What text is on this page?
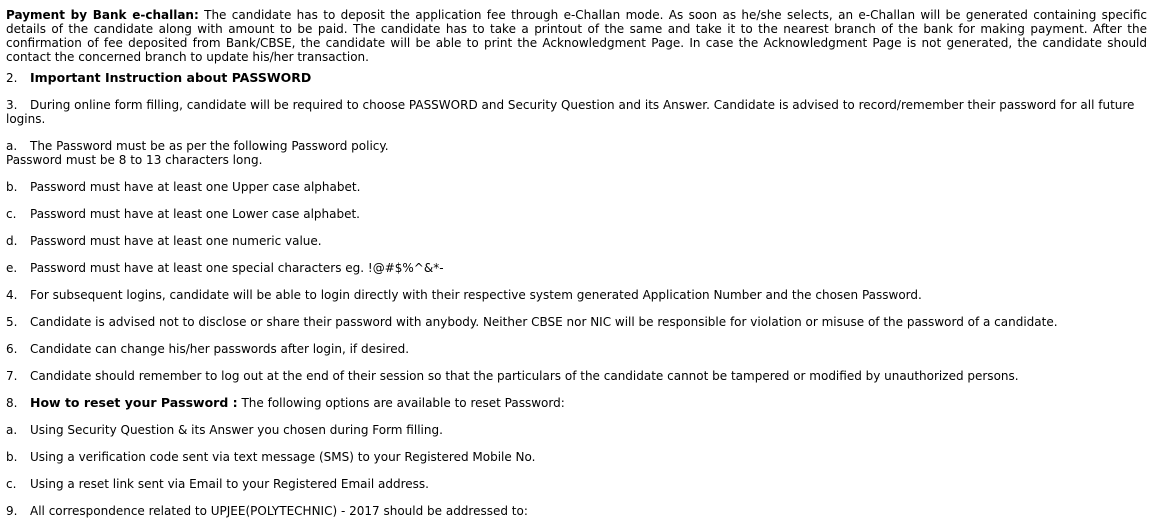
Payment by Bank e-challan: The candidate has to deposit the application fee through e-Challan mode. As soon as he/she selects, an e-Challan will be generated containing specific details of the candidate along with amount to be paid. The candidate has to take a printout of the same and take it to the nearest branch of the bank for making payment. After the confirmation of fee deposited from Bank/CBSE, the candidate will be able to print the Acknowledgment Page. In case the Acknowledgment Page is not generated, the candidate should contact the concerned branch to update his/her transaction.

2. Important Instruction about PASSWORD
3. During online form filling, candidate will be required to choose PASSWORD and Security Question and its Answer. Candidate is advised to record/remember their password for all future logins.
a. The Password must be as per the following Password policy.
Password must be 8 to 13 characters long.
b. Password must have at least one Upper case alphabet.
c. Password must have at least one Lower case alphabet.
d. Password must have at least one numeric value.
e. Password must have at least one special characters eg. !@#$%^&*-
4. For subsequent logins, candidate will be able to login directly with their respective system generated Application Number and the chosen Password.
5. Candidate is advised not to disclose or share their password with anybody. Neither CBSE nor NIC will be responsible for violation or misuse of the password of a candidate.
6. Candidate can change his/her passwords after login, if desired.
7. Candidate should remember to log out at the end of their session so that the particulars of the candidate cannot be tampered or modified by unauthorized persons.
8. How to reset your Password : The following options are available to reset Password:
a. Using Security Question & its Answer you chosen during Form filling.
b. Using a verification code sent via text message (SMS) to your Registered Mobile No.
c. Using a reset link sent via Email to your Registered Email address.
9. All correspondence related to UPJEE(POLYTECHNIC) - 2017 should be addressed to:
